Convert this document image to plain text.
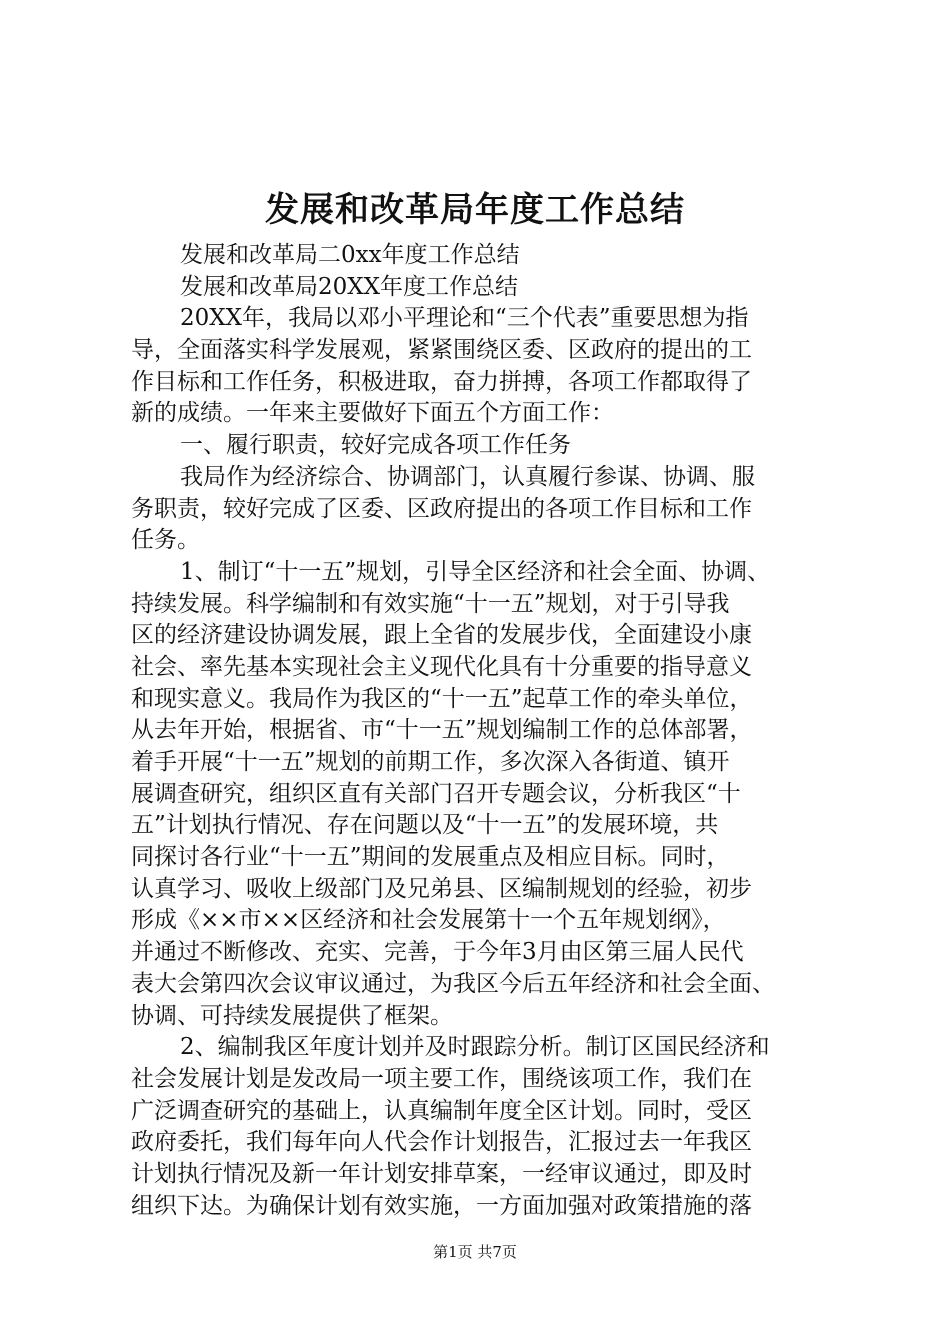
发展和改革局年度工作总结
发展和改革局二0xx年度工作总结
发展和改革局20XX年度工作总结
20XX年，我局以邓小平理论和“三个代表”重要思想为指
导，全面落实科学发展观，紧紧围绕区委、区政府的提出的工
作目标和工作任务，积极进取，奋力拼搏，各项工作都取得了
新的成绩。一年来主要做好下面五个方面工作：
一、履行职责，较好完成各项工作任务
我局作为经济综合、协调部门，认真履行参谋、协调、服
务职责，较好完成了区委、区政府提出的各项工作目标和工作
任务。
1、制订“十一五”规划，引导全区经济和社会全面、协调、
持续发展。科学编制和有效实施“十一五”规划，对于引导我
区的经济建设协调发展，跟上全省的发展步伐，全面建设小康
社会、率先基本实现社会主义现代化具有十分重要的指导意义
和现实意义。我局作为我区的“十一五”起草工作的牵头单位，
从去年开始，根据省、市“十一五”规划编制工作的总体部署，
着手开展“十一五”规划的前期工作，多次深入各街道、镇开
展调查研究，组织区直有关部门召开专题会议，分析我区“十
五”计划执行情况、存在问题以及“十一五”的发展环境，共
同探讨各行业“十一五”期间的发展重点及相应目标。同时，
认真学习、吸收上级部门及兄弟县、区编制规划的经验，初步
形成《××市××区经济和社会发展第十一个五年规划纲》，
并通过不断修改、充实、完善，于今年3月由区第三届人民代
表大会第四次会议审议通过，为我区今后五年经济和社会全面、
协调、可持续发展提供了框架。
2、编制我区年度计划并及时跟踪分析。制订区国民经济和
社会发展计划是发改局一项主要工作，围绕该项工作，我们在
广泛调查研究的基础上，认真编制年度全区计划。同时，受区
政府委托，我们每年向人代会作计划报告，汇报过去一年我区
计划执行情况及新一年计划安排草案，一经审议通过，即及时
组织下达。为确保计划有效实施，一方面加强对政策措施的落
第1页 共7页
